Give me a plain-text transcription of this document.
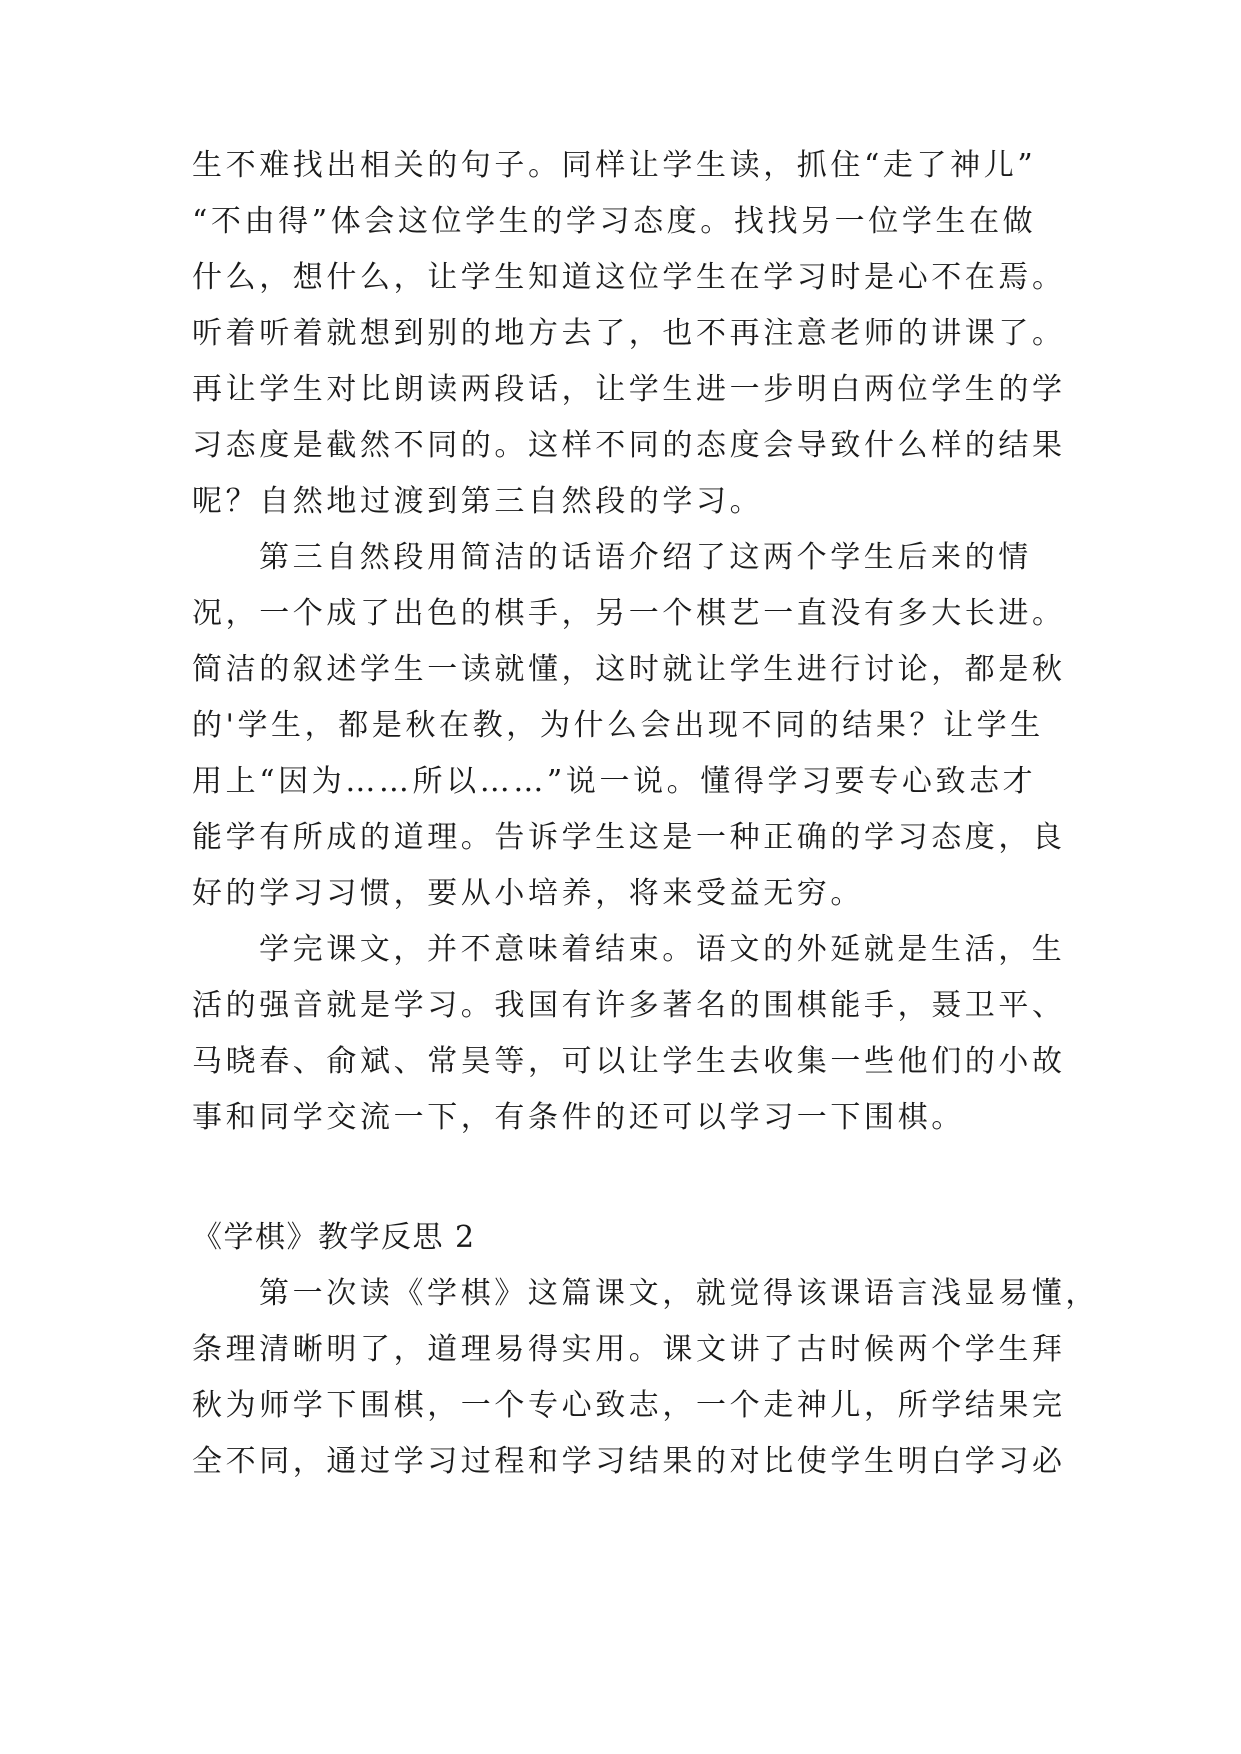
生不难找出相关的句子。同样让学生读，抓住“走了神儿”
“不由得”体会这位学生的学习态度。找找另一位学生在做
什么，想什么，让学生知道这位学生在学习时是心不在焉。
听着听着就想到别的地方去了，也不再注意老师的讲课了。
再让学生对比朗读两段话，让学生进一步明白两位学生的学
习态度是截然不同的。这样不同的态度会导致什么样的结果
呢？自然地过渡到第三自然段的学习。
第三自然段用简洁的话语介绍了这两个学生后来的情
况，一个成了出色的棋手，另一个棋艺一直没有多大长进。
简洁的叙述学生一读就懂，这时就让学生进行讨论，都是秋
的'学生，都是秋在教，为什么会出现不同的结果？让学生
用上“因为……所以……”说一说。懂得学习要专心致志才
能学有所成的道理。告诉学生这是一种正确的学习态度，良
好的学习习惯，要从小培养，将来受益无穷。
学完课文，并不意味着结束。语文的外延就是生活，生
活的强音就是学习。我国有许多著名的围棋能手，聂卫平、
马晓春、俞斌、常昊等，可以让学生去收集一些他们的小故
事和同学交流一下，有条件的还可以学习一下围棋。
《学棋》教学反思 2
第一次读《学棋》这篇课文，就觉得该课语言浅显易懂，
条理清晰明了，道理易得实用。课文讲了古时候两个学生拜
秋为师学下围棋，一个专心致志，一个走神儿，所学结果完
全不同，通过学习过程和学习结果的对比使学生明白学习必
